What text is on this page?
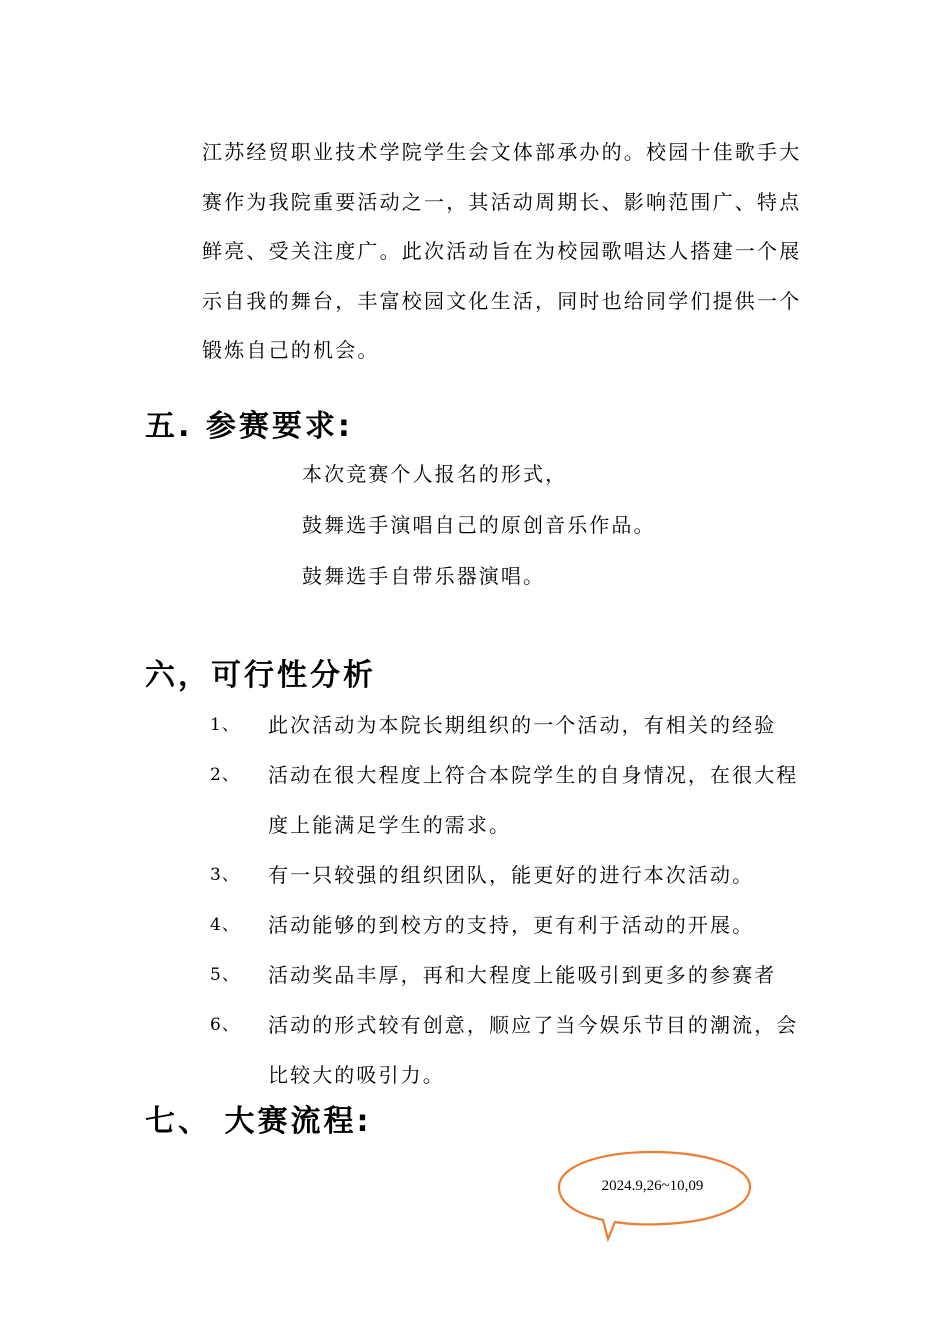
江苏经贸职业技术学院学生会文体部承办的。校园十佳歌手大
赛作为我院重要活动之一，其活动周期长、影响范围广、特点
鲜亮、受关注度广。此次活动旨在为校园歌唱达人搭建一个展
示自我的舞台，丰富校园文化生活，同时也给同学们提供一个
锻炼自己的机会。
五. 参赛要求:
本次竞赛个人报名的形式，
鼓舞选手演唱自己的原创音乐作品。
鼓舞选手自带乐器演唱。
六，可行性分析
1、 此次活动为本院长期组织的一个活动，有相关的经验
2、 活动在很大程度上符合本院学生的自身情况，在很大程
度上能满足学生的需求。
3、 有一只较强的组织团队，能更好的进行本次活动。
4、 活动能够的到校方的支持，更有利于活动的开展。
5、 活动奖品丰厚，再和大程度上能吸引到更多的参赛者
6、 活动的形式较有创意，顺应了当今娱乐节目的潮流，会
比较大的吸引力。
七、 大赛流程:
2024.9,26~10,09
